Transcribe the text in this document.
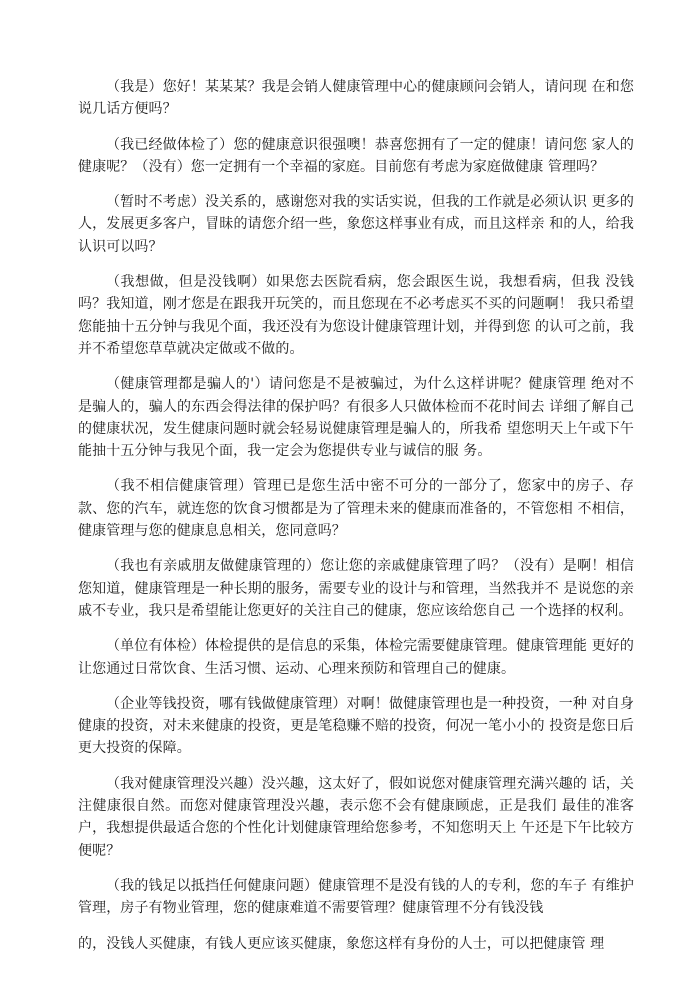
（我是）您好！某某某？我是会销人健康管理中心的健康顾问会销人，请问现 在和您说几话方便吗？

（我已经做体检了）您的健康意识很强噢！恭喜您拥有了一定的健康！请问您 家人的健康呢？（没有）您一定拥有一个幸福的家庭。目前您有考虑为家庭做健康 管理吗？

（暂时不考虑）没关系的，感谢您对我的实话实说，但我的工作就是必须认识 更多的人，发展更多客户，冒昧的请您介绍一些，象您这样事业有成，而且这样亲 和的人，给我认识可以吗？

（我想做，但是没钱啊）如果您去医院看病，您会跟医生说，我想看病，但我 没钱吗？我知道，刚才您是在跟我开玩笑的，而且您现在不必考虑买不买的问题啊！ 我只希望您能抽十五分钟与我见个面，我还没有为您设计健康管理计划，并得到您 的认可之前，我并不希望您草草就决定做或不做的。

（健康管理都是骗人的'）请问您是不是被骗过，为什么这样讲呢？健康管理 绝对不是骗人的，骗人的东西会得法律的保护吗？有很多人只做体检而不花时间去 详细了解自己的健康状况，发生健康问题时就会轻易说健康管理是骗人的，所我希 望您明天上午或下午能抽十五分钟与我见个面，我一定会为您提供专业与诚信的服 务。

（我不相信健康管理）管理已是您生活中密不可分的一部分了，您家中的房子、存款、您的汽车，就连您的饮食习惯都是为了管理未来的健康而准备的，不管您相 不相信，健康管理与您的健康息息相关，您同意吗？

（我也有亲戚朋友做健康管理的）您让您的亲戚健康管理了吗？（没有）是啊！相信您知道，健康管理是一种长期的服务，需要专业的设计与和管理，当然我并不 是说您的亲戚不专业，我只是希望能让您更好的关注自己的健康，您应该给您自己 一个选择的权利。

（单位有体检）体检提供的是信息的采集，体检完需要健康管理。健康管理能 更好的让您通过日常饮食、生活习惯、运动、心理来预防和管理自己的健康。

（企业等钱投资，哪有钱做健康管理）对啊！做健康管理也是一种投资，一种 对自身健康的投资，对未来健康的投资，更是笔稳赚不赔的投资，何况一笔小小的 投资是您日后更大投资的保障。

（我对健康管理没兴趣）没兴趣，这太好了，假如说您对健康管理充满兴趣的 话，关注健康很自然。而您对健康管理没兴趣，表示您不会有健康顾虑，正是我们 最佳的准客户，我想提供最适合您的个性化计划健康管理给您参考，不知您明天上 午还是下午比较方便呢？

（我的钱足以抵挡任何健康问题）健康管理不是没有钱的人的专利，您的车子 有维护管理，房子有物业管理，您的健康难道不需要管理？健康管理不分有钱没钱

的，没钱人买健康，有钱人更应该买健康，象您这样有身份的人士，可以把健康管 理
